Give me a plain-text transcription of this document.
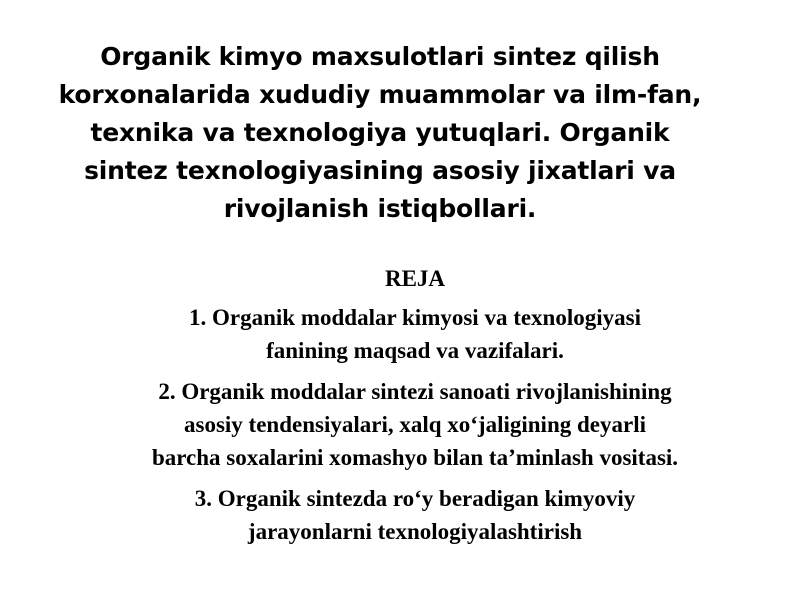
Organik kimyo maxsulotlari sintez qilish
korxonalarida xududiy muammolar va ilm-fan,
texnika va texnologiya yutuqlari. Organik
sintez texnologiyasining asosiy jixatlari va
rivojlanish istiqbollari.
REJA
1. Organik moddalar kimyosi va texnologiyasi
fanining maqsad va vazifalari.
2. Organik moddalar sintezi sanoati rivojlanishining
asosiy tendensiyalari, xalq xo‘jaligining deyarli
barcha soxalarini xomashyo bilan ta’minlash vositasi.
3. Organik sintezda ro‘y beradigan kimyoviy
jarayonlarni texnologiyalashtirish
